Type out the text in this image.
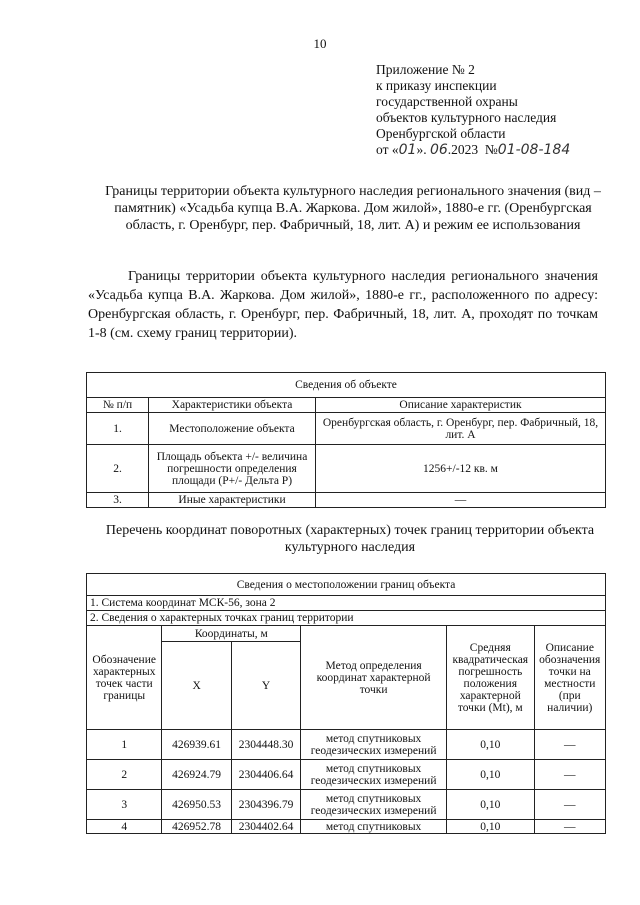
10
Приложение № 2
к приказу инспекции
государственной охраны
объектов культурного наследия
Оренбургской области
от «01». 06.2023 №01-08-184
Границы территории объекта культурного наследия регионального значения (вид – памятник) «Усадьба купца В.А. Жаркова. Дом жилой», 1880-е гг. (Оренбургская область, г. Оренбург, пер. Фабричный, 18, лит. А) и режим ее использования
Границы территории объекта культурного наследия регионального значения «Усадьба купца В.А. Жаркова. Дом жилой», 1880-е гг., расположенного по адресу: Оренбургская область, г. Оренбург, пер. Фабричный, 18, лит. А, проходят по точкам 1-8 (см. схему границ территории).
Сведения об объекте		
№ п/п	Характеристики объекта	Описание характеристик
1.	Местоположение объекта	Оренбургская область, г. Оренбург, пер. Фабричный, 18, лит. А
2.	Площадь объекта +/- величина погрешности определения площади (Р+/- Дельта Р)	1256+/-12 кв. м
3.	Иные характеристики	—
Перечень координат поворотных (характерных) точек границ территории объекта культурного наследия
Сведения о местоположении границ объекта					
1. Система координат МСК-56, зона 2					
2. Сведения о характерных точках границ территории					
Обозначение характерных точек части границы	Координаты, м		Метод определения координат характерной точки	Средняя квадратическая погрешность положения характерной точки (Mt), м	Описание обозначения точки на местности (при наличии)
	X	Y			
1	426939.61	2304448.30	метод спутниковых геодезических измерений	0,10	—
2	426924.79	2304406.64	метод спутниковых геодезических измерений	0,10	—
3	426950.53	2304396.79	метод спутниковых геодезических измерений	0,10	—
4	426952.78	2304402.64	метод спутниковых	0,10	—
